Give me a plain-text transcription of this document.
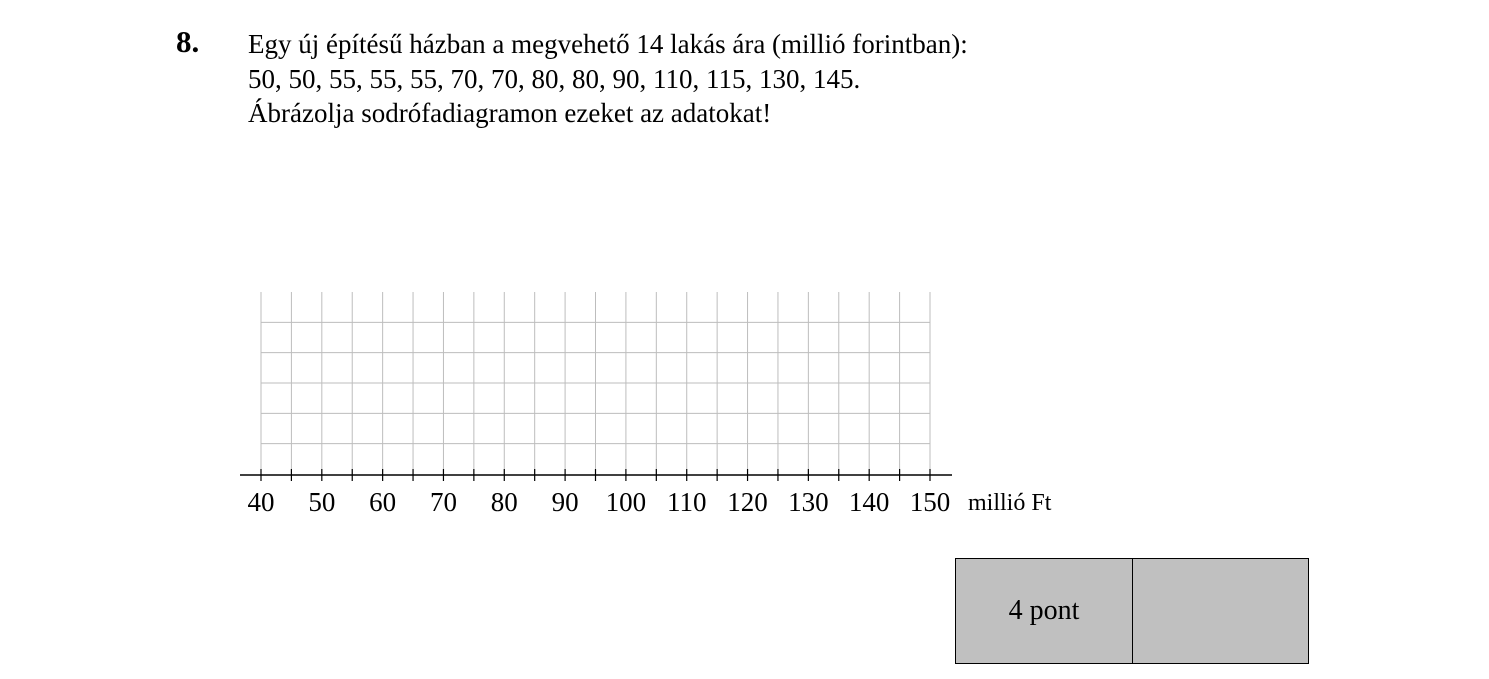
8. Egy új építésű házban a megvehető 14 lakás ára (millió forintban):
50, 50, 55, 55, 55, 70, 70, 80, 80, 90, 110, 115, 130, 145.
Ábrázolja sodrófadiagramon ezeket az adatokat!
40 50 60 70 80 90 100 110 120 130 140 150 millió Ft
4 pont	
